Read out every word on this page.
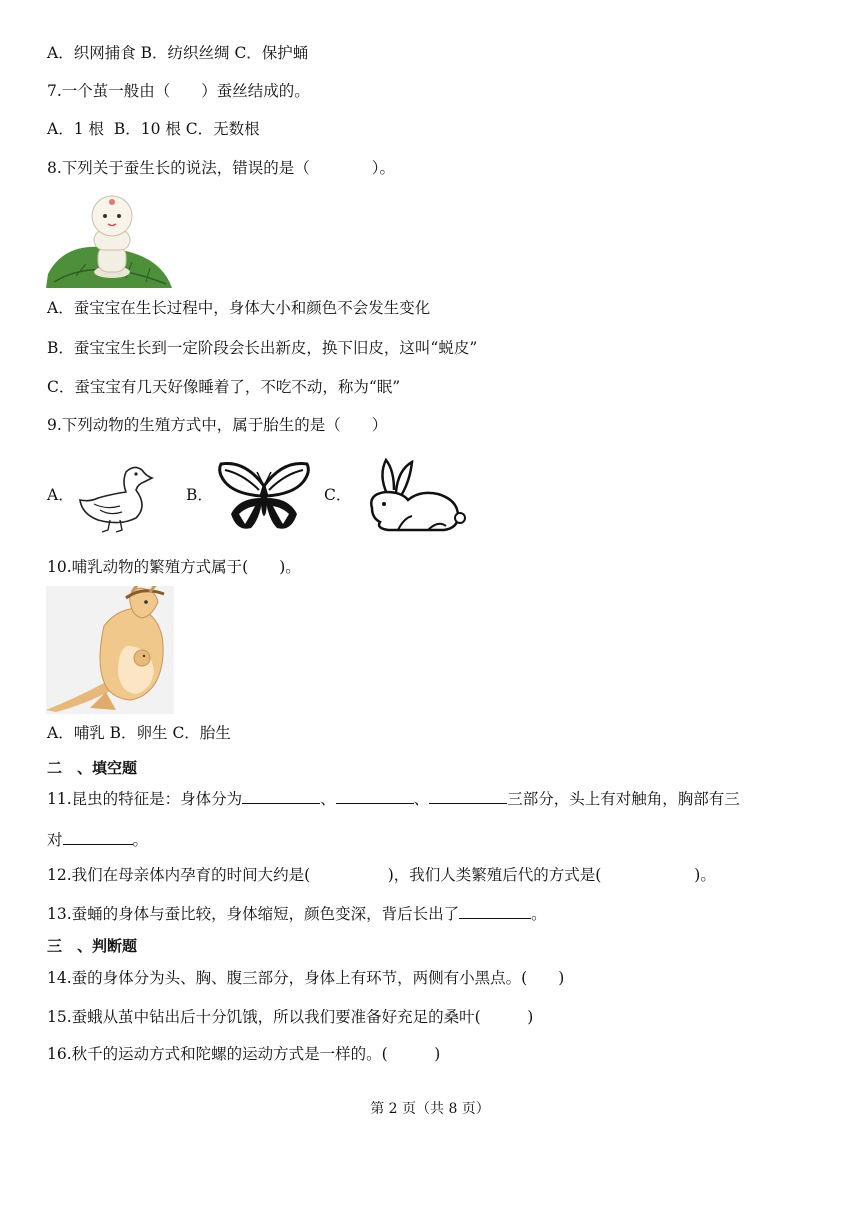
A．织网捕食 B．纺织丝绸 C．保护蛹
7.一个茧一般由（　　）蚕丝结成的。
A．1 根  B．10 根 C．无数根
8.下列关于蚕生长的说法，错误的是（　　　　）。
A．蚕宝宝在生长过程中，身体大小和颜色不会发生变化
B．蚕宝宝生长到一定阶段会长出新皮，换下旧皮，这叫“蜕皮”
C．蚕宝宝有几天好像睡着了，不吃不动，称为“眠”
9.下列动物的生殖方式中，属于胎生的是（　　）
A．	B．	C．
10.哺乳动物的繁殖方式属于(　　)。
A．哺乳 B．卵生 C．胎生
二　、填空题
11.昆虫的特征是：身体分为	、	、	三部分，头上有对触角，胸部有三
对	。
12.我们在母亲体内孕育的时间大约是(　　　　　)，我们人类繁殖后代的方式是(　　　　　　)。
13.蚕蛹的身体与蚕比较，身体缩短，颜色变深，背后长出了	。
三　、判断题
14.蚕的身体分为头、胸、腹三部分，身体上有环节，两侧有小黑点。(　　)
15.蚕蛾从茧中钻出后十分饥饿，所以我们要准备好充足的桑叶(　　　)
16.秋千的运动方式和陀螺的运动方式是一样的。(　　　)
第 2 页（共 8 页）
